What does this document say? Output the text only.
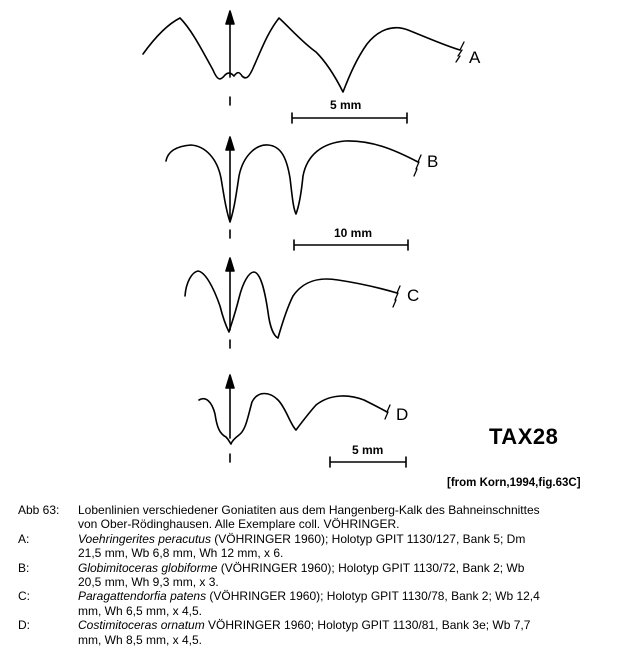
A
B
C
D
5 mm
10 mm
5 mm
TAX28
[from Korn,1994,fig.63C]
Abb 63:	Lobenlinien verschiedener Goniatiten aus dem Hangenberg-Kalk des Bahneinschnittes
von Ober-Rödinghausen. Alle Exemplare coll. VÖHRINGER.
A:	Voehringerites peracutus (VÖHRINGER 1960); Holotyp GPIT 1130/127, Bank 5; Dm
21,5 mm, Wb 6,8 mm, Wh 12 mm, x 6.
B:	Globimitoceras globiforme (VÖHRINGER 1960); Holotyp GPIT 1130/72, Bank 2; Wb
20,5 mm, Wh 9,3 mm, x 3.
C:	Paragattendorfia patens (VÖHRINGER 1960); Holotyp GPIT 1130/78, Bank 2; Wb 12,4
mm, Wh 6,5 mm, x 4,5.
D:	Costimitoceras ornatum VÖHRINGER 1960; Holotyp GPIT 1130/81, Bank 3e; Wb 7,7
mm, Wh 8,5 mm, x 4,5.
